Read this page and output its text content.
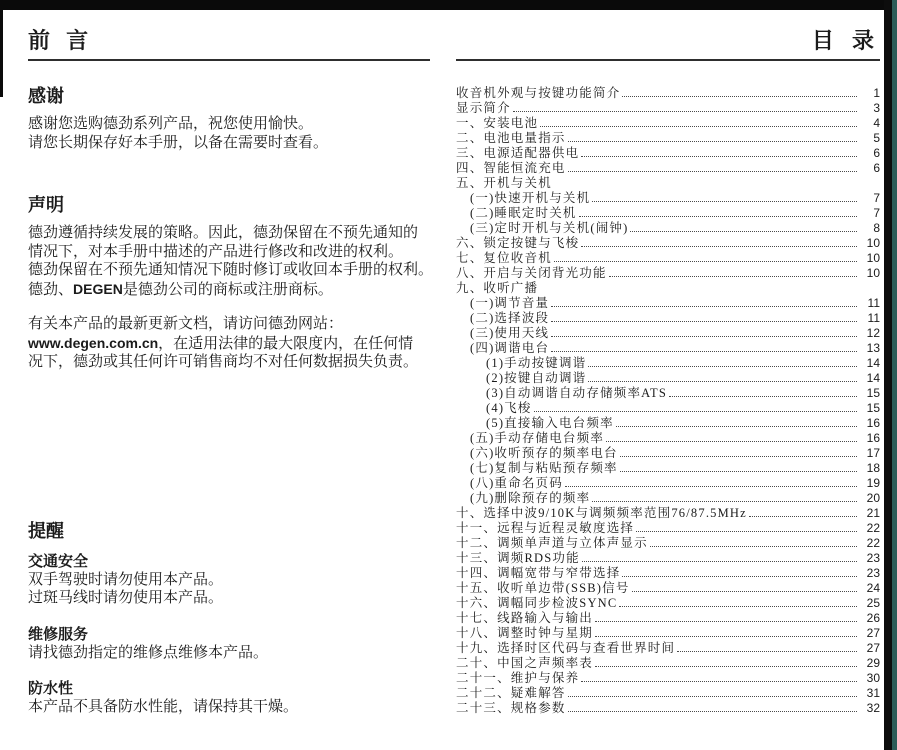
前 言
感谢
感谢您选购德劲系列产品，祝您使用愉快。
请您长期保存好本手册，以备在需要时查看。
声明
德劲遵循持续发展的策略。因此，德劲保留在不预先通知的
情况下，对本手册中描述的产品进行修改和改进的权利。
德劲保留在不预先通知情况下随时修订或收回本手册的权利。
德劲、DEGEN是德劲公司的商标或注册商标。
有关本产品的最新更新文档，请访问德劲网站：
www.degen.com.cn，在适用法律的最大限度内，在任何情
况下，德劲或其任何许可销售商均不对任何数据损失负责。
提醒
交通安全
双手驾驶时请勿使用本产品。
过斑马线时请勿使用本产品。
维修服务
请找德劲指定的维修点维修本产品。
防水性
本产品不具备防水性能，请保持其干燥。
目 录
收音机外观与按键功能简介	1
显示简介	3
一、安装电池	4
二、电池电量指示	5
三、电源适配器供电	6
四、智能恒流充电	6
五、开机与关机
(一)快速开机与关机	7
(二)睡眠定时关机	7
(三)定时开机与关机(闹钟)	8
六、锁定按键与飞梭	10
七、复位收音机	10
八、开启与关闭背光功能	10
九、收听广播
(一)调节音量	11
(二)选择波段	11
(三)使用天线	12
(四)调谐电台	13
(1)手动按键调谐	14
(2)按键自动调谐	14
(3)自动调谐自动存储频率ATS	15
(4)飞梭	15
(5)直接输入电台频率	16
(五)手动存储电台频率	16
(六)收听预存的频率电台	17
(七)复制与粘贴预存频率	18
(八)重命名页码	19
(九)删除预存的频率	20
十、选择中波9/10K与调频频率范围76/87.5MHz	21
十一、远程与近程灵敏度选择	22
十二、调频单声道与立体声显示	22
十三、调频RDS功能	23
十四、调幅宽带与窄带选择	23
十五、收听单边带(SSB)信号	24
十六、调幅同步检波SYNC	25
十七、线路输入与输出	26
十八、调整时钟与星期	27
十九、选择时区代码与查看世界时间	27
二十、中国之声频率表	29
二十一、维护与保养	30
二十二、疑难解答	31
二十三、规格参数	32
